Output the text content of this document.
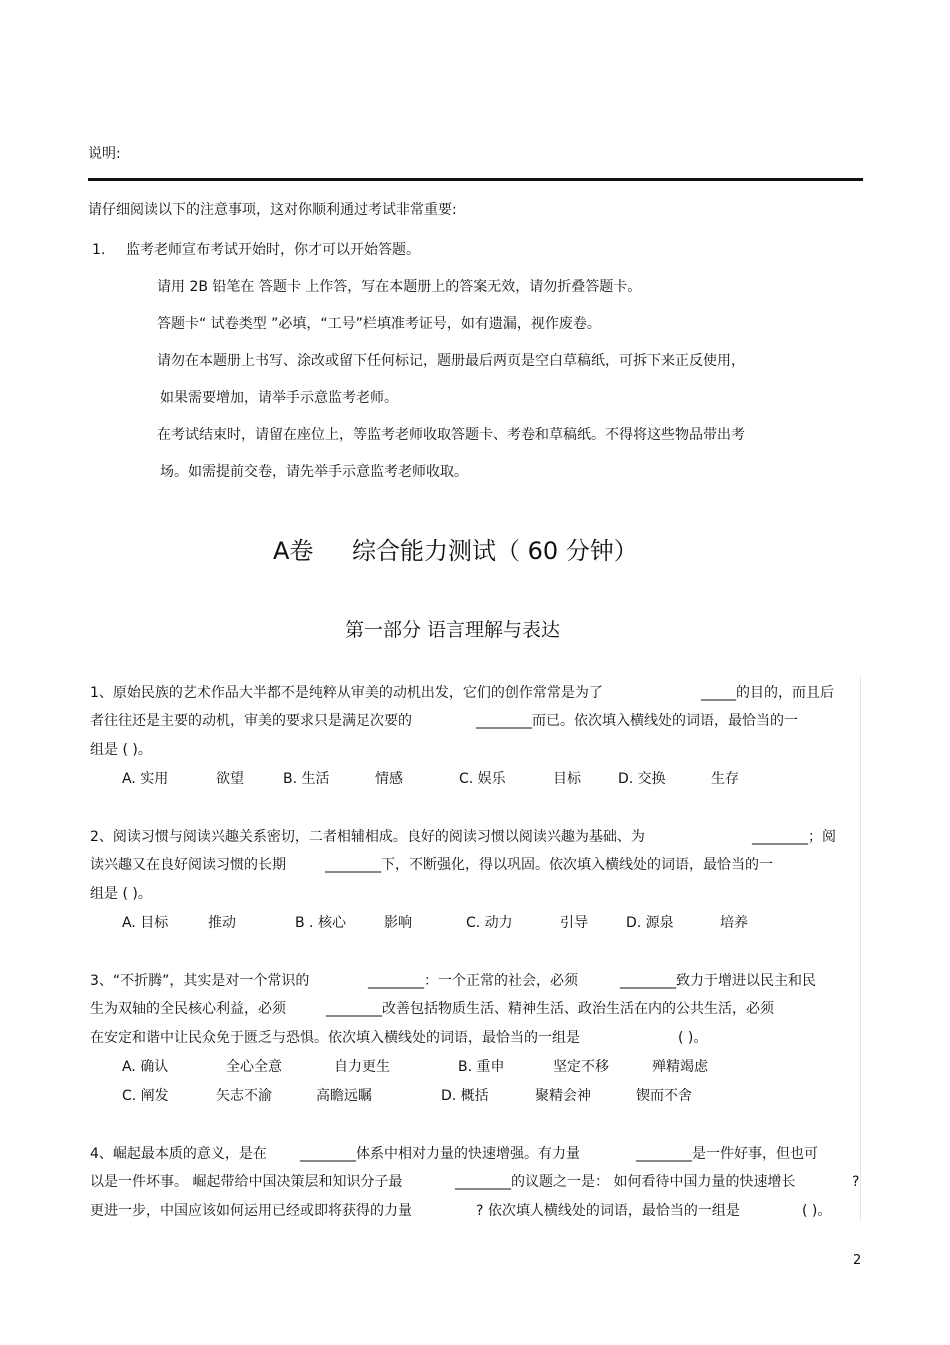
说明:
请仔细阅读以下的注意事项，这对你顺利通过考试非常重要:
1. 监考老师宣布考试开始时，你才可以开始答题。
请用 2B 铅笔在 答题卡 上作答，写在本题册上的答案无效，请勿折叠答题卡。
答题卡“ 试卷类型 ”必填，“工号”栏填准考证号，如有遗漏，视作废卷。
请勿在本题册上书写、涂改或留下任何标记，题册最后两页是空白草稿纸，可拆下来正反使用，
如果需要增加，请举手示意监考老师。
在考试结束时，请留在座位上，等监考老师收取答题卡、考卷和草稿纸。不得将这些物品带出考
场。如需提前交卷，请先举手示意监考老师收取。
A卷 综合能力测试（ 60 分钟）
第一部分 语言理解与表达
1、原始民族的艺术作品大半都不是纯粹从审美的动机出发，它们的创作常常是为了	_____的目的，而且后
者往往还是主要的动机，审美的要求只是满足次要的	________而已。依次填入横线处的词语，最恰当的一
组是 ( )。
A. 实用	欲望	B. 生活	情感	C. 娱乐	目标	D. 交换	生存
2、阅读习惯与阅读兴趣关系密切，二者相辅相成。良好的阅读习惯以阅读兴趣为基础、为	________；阅
读兴趣又在良好阅读习惯的长期	________下，不断强化，得以巩固。依次填入横线处的词语，最恰当的一
组是 ( )。
A. 目标	推动	B . 核心	影响	C. 动力	引导	D. 源泉	培养
3、“不折腾”，其实是对一个常识的	________：一个正常的社会，必须	________致力于增进以民主和民
生为双轴的全民核心利益，必须	________改善包括物质生活、精神生活、政治生活在内的公共生活，必须
在安定和谐中让民众免于匮乏与恐惧。依次填入横线处的词语，最恰当的一组是	( )。
A. 确认	全心全意	自力更生	B. 重申	坚定不移	殚精竭虑
C. 阐发	矢志不渝	高瞻远瞩	D. 概括	聚精会神	锲而不舍
4、崛起最本质的意义，是在 ________体系中相对力量的快速增强。有力量	________是一件好事，但也可
以是一件坏事。 崛起带给中国决策层和知识分子最	________的议题之一是： 如何看待中国力量的快速增长	?
更进一步，中国应该如何运用已经或即将获得的力量	? 依次填人横线处的词语，最恰当的一组是	( )。
2
